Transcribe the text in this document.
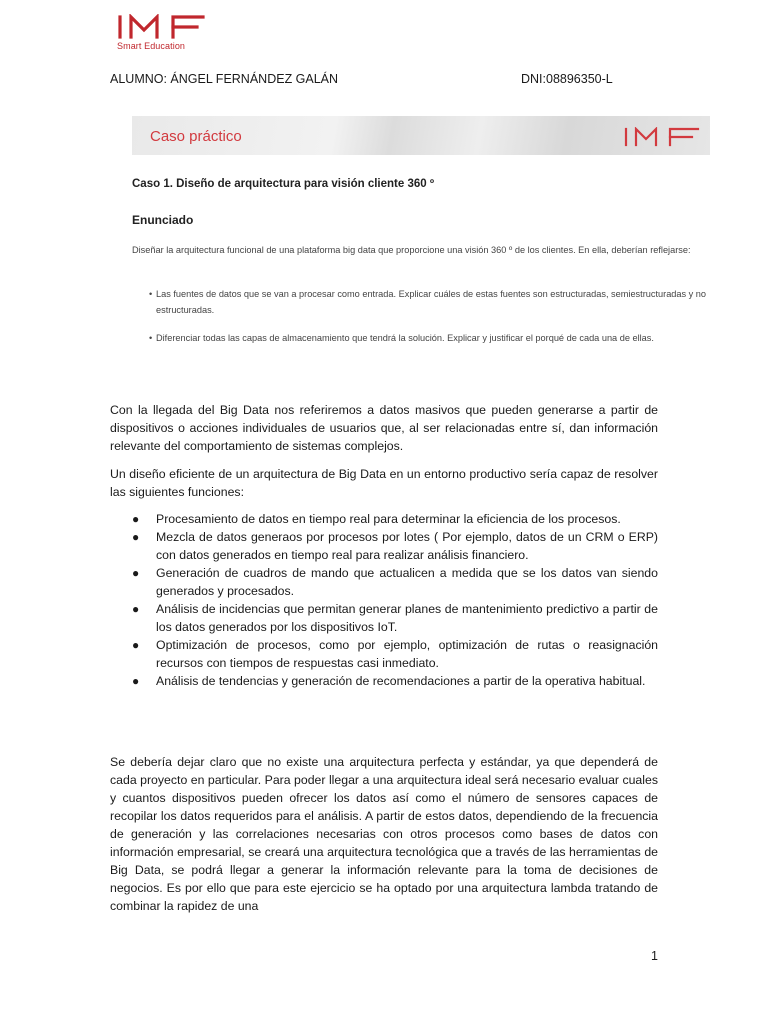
Smart Education
ALUMNO: ÁNGEL FERNÁNDEZ GALÁN	DNI:08896350-L
Caso práctico
Caso 1. Diseño de arquitectura para visión cliente 360 º
Enunciado
Diseñar la arquitectura funcional de una plataforma big data que proporcione una visión 360 º de los clientes. En ella, deberían reflejarse:
• Las fuentes de datos que se van a procesar como entrada. Explicar cuáles de estas fuentes son estructuradas, semiestructuradas y no estructuradas.
• Diferenciar todas las capas de almacenamiento que tendrá la solución. Explicar y justificar el porqué de cada una de ellas.

Con la llegada del Big Data nos referiremos a datos masivos que pueden generarse a partir de dispositivos o acciones individuales de usuarios que, al ser relacionadas entre sí, dan información relevante del comportamiento de sistemas complejos.

Un diseño eficiente de un arquitectura de Big Data en un entorno productivo sería capaz de resolver las siguientes funciones:

● Procesamiento de datos en tiempo real para determinar la eficiencia de los procesos.
● Mezcla de datos generaos por procesos por lotes ( Por ejemplo, datos de un CRM o ERP) con datos generados en tiempo real para realizar análisis financiero.
● Generación de cuadros de mando que actualicen a medida que se los datos van siendo generados y procesados.
● Análisis de incidencias que permitan generar planes de mantenimiento predictivo a partir de los datos generados por los dispositivos IoT.
● Optimización de procesos, como por ejemplo, optimización de rutas o reasignación recursos con tiempos de respuestas casi inmediato.
● Análisis de tendencias y generación de recomendaciones a partir de la operativa habitual.

Se debería dejar claro que no existe una arquitectura perfecta y estándar, ya que dependerá de cada proyecto en particular. Para poder llegar a una arquitectura ideal será necesario evaluar cuales y cuantos dispositivos pueden ofrecer los datos así como el número de sensores capaces de recopilar los datos requeridos para el análisis. A partir de estos datos, dependiendo de la frecuencia de generación y las correlaciones necesarias con otros procesos como bases de datos con información empresarial, se creará una arquitectura tecnológica que a través de las herramientas de Big Data, se podrá llegar a generar la información relevante para la toma de decisiones de negocios. Es por ello que para este ejercicio se ha optado por una arquitectura lambda tratando de combinar la rapidez de una

1
